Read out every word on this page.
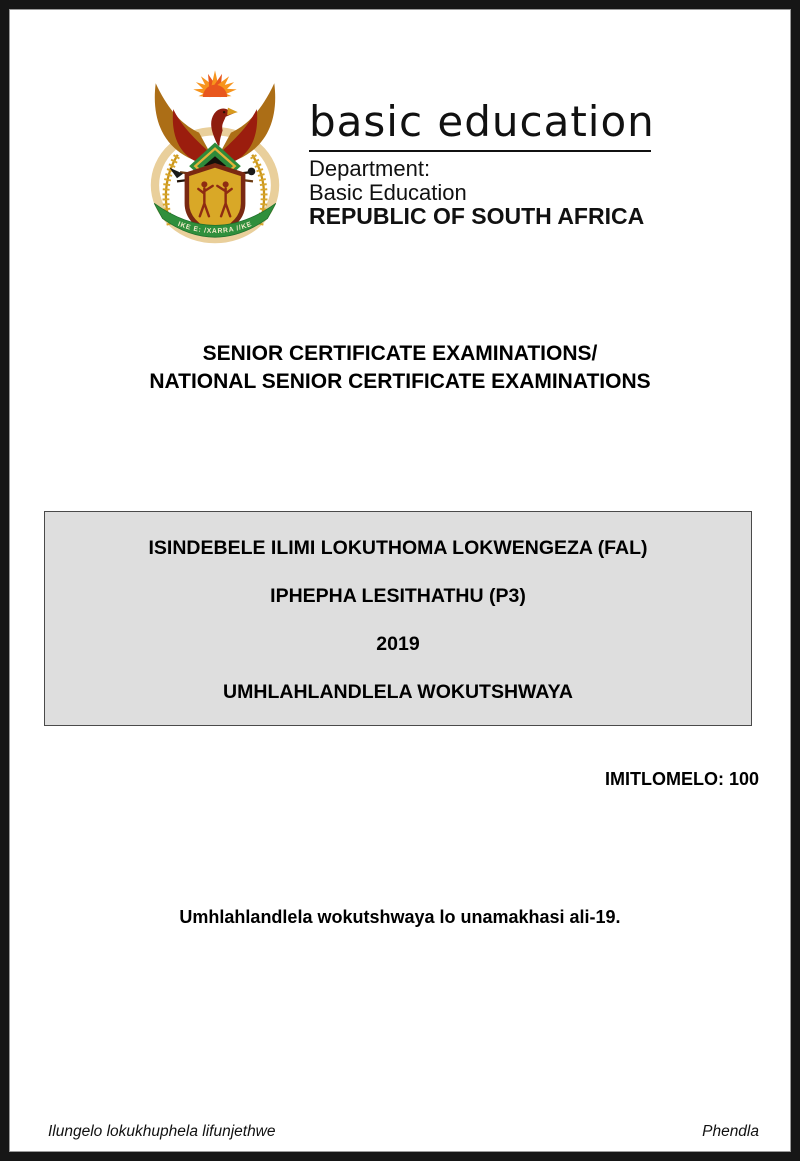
IKE E: /XARRA //KE
basic education
Department:
Basic Education
REPUBLIC OF SOUTH AFRICA
SENIOR CERTIFICATE EXAMINATIONS/
NATIONAL SENIOR CERTIFICATE EXAMINATIONS
ISINDEBELE ILIMI LOKUTHOMA LOKWENGEZA (FAL)
IPHEPHA LESITHATHU (P3)
2019
UMHLAHLANDLELA WOKUTSHWAYA
IMITLOMELO: 100
Umhlahlandlela wokutshwaya lo unamakhasi ali-19.
Ilungelo lokukhuphela lifunjethwe	Phendla
